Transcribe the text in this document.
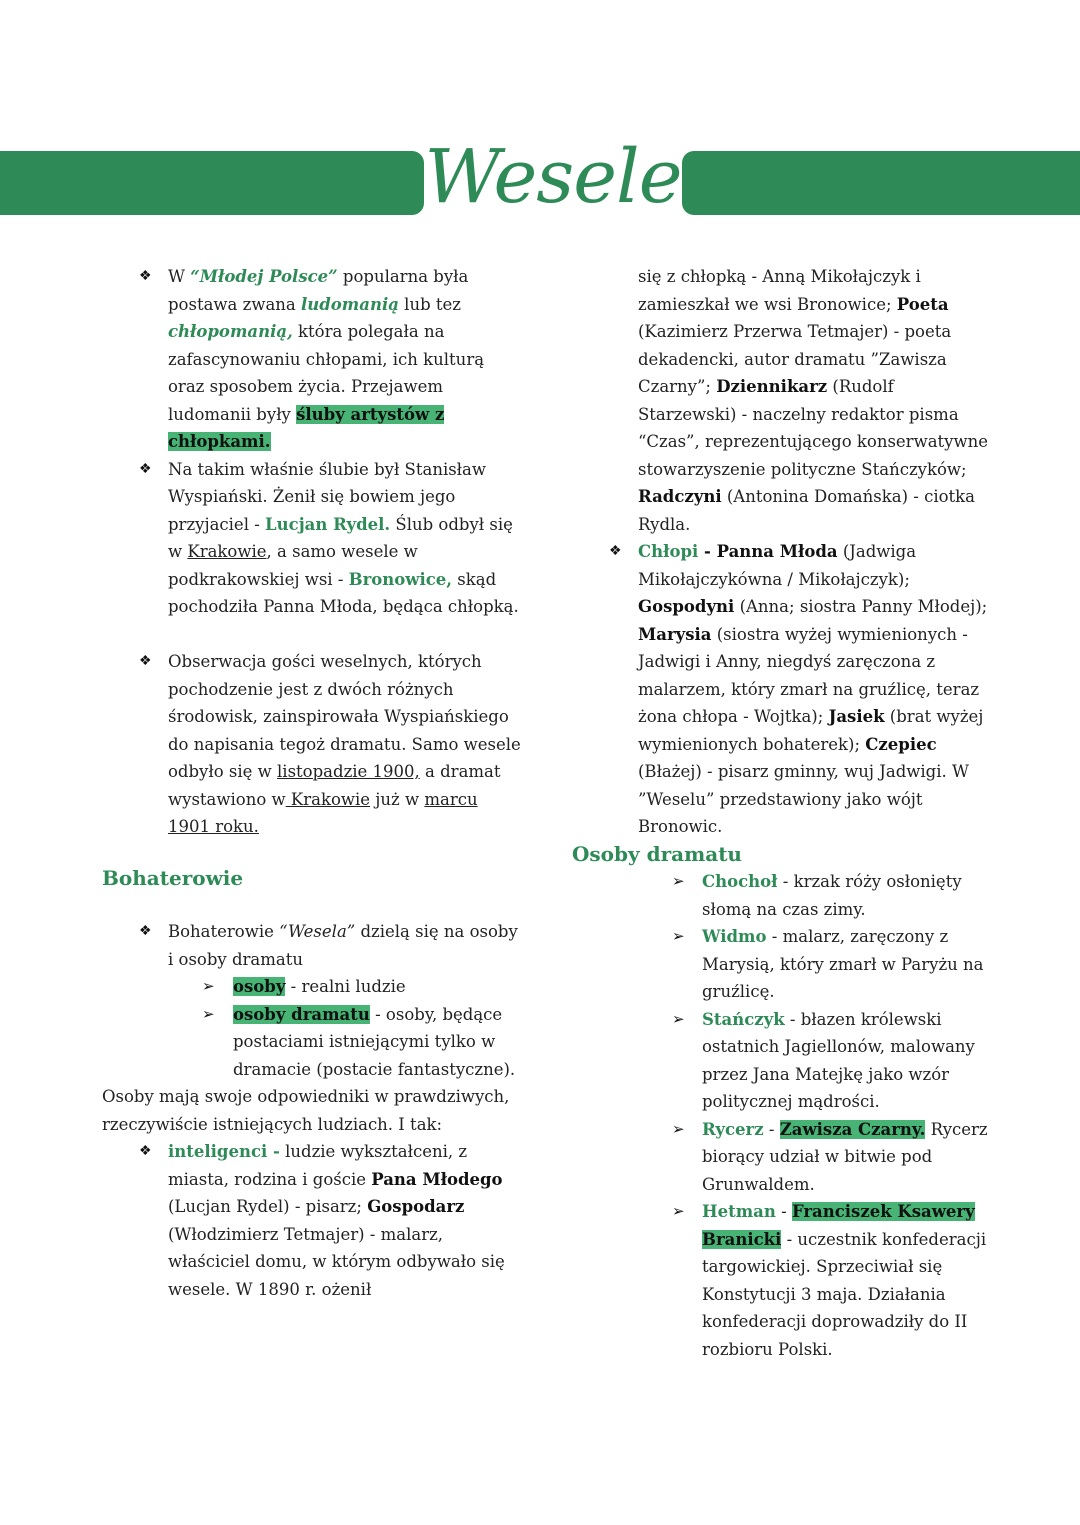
Wesele
❖ W “Młodej Polsce” popularna była postawa zwana ludomanią lub tez chłopomanią, która polegała na zafascynowaniu chłopami, ich kulturą oraz sposobem życia. Przejawem ludomanii były śluby artystów z chłopkami.
❖ Na takim właśnie ślubie był Stanisław Wyspiański. Żenił się bowiem jego przyjaciel - Lucjan Rydel. Ślub odbył się w Krakowie, a samo wesele w podkrakowskiej wsi - Bronowice, skąd pochodziła Panna Młoda, będąca chłopką.
❖ Obserwacja gości weselnych, których pochodzenie jest z dwóch różnych środowisk, zainspirowała Wyspiańskiego do napisania tegoż dramatu. Samo wesele odbyło się w listopadzie 1900, a dramat wystawiono w Krakowie już w marcu 1901 roku.
Bohaterowie
❖ Bohaterowie “Wesela” dzielą się na osoby i osoby dramatu
➢ osoby - realni ludzie
➢ osoby dramatu - osoby, będące postaciami istniejącymi tylko w dramacie (postacie fantastyczne).
Osoby mają swoje odpowiedniki w prawdziwych, rzeczywiście istniejących ludziach. I tak:
❖ inteligenci - ludzie wykształceni, z miasta, rodzina i goście Pana Młodego (Lucjan Rydel) - pisarz; Gospodarz (Włodzimierz Tetmajer) - malarz, właściciel domu, w którym odbywało się wesele. W 1890 r. ożenił
się z chłopką - Anną Mikołajczyk i zamieszkał we wsi Bronowice; Poeta (Kazimierz Przerwa Tetmajer) - poeta dekadencki, autor dramatu ”Zawisza Czarny”; Dziennikarz (Rudolf Starzewski) - naczelny redaktor pisma “Czas”, reprezentującego konserwatywne stowarzyszenie polityczne Stańczyków; Radczyni (Antonina Domańska) - ciotka Rydla.
❖ Chłopi - Panna Młoda (Jadwiga Mikołajczykówna / Mikołajczyk); Gospodyni (Anna; siostra Panny Młodej); Marysia (siostra wyżej wymienionych - Jadwigi i Anny, niegdyś zaręczona z malarzem, który zmarł na gruźlicę, teraz żona chłopa - Wojtka); Jasiek (brat wyżej wymienionych bohaterek); Czepiec (Błażej) - pisarz gminny, wuj Jadwigi. W ”Weselu” przedstawiony jako wójt Bronowic.
Osoby dramatu
➢ Chochoł - krzak róży osłonięty słomą na czas zimy.
➢ Widmo - malarz, zaręczony z Marysią, który zmarł w Paryżu na gruźlicę.
➢ Stańczyk - błazen królewski ostatnich Jagiellonów, malowany przez Jana Matejkę jako wzór politycznej mądrości.
➢ Rycerz - Zawisza Czarny. Rycerz biorący udział w bitwie pod Grunwaldem.
➢ Hetman - Franciszek Ksawery Branicki - uczestnik konfederacji targowickiej. Sprzeciwiał się Konstytucji 3 maja. Działania konfederacji doprowadziły do II rozbioru Polski.
